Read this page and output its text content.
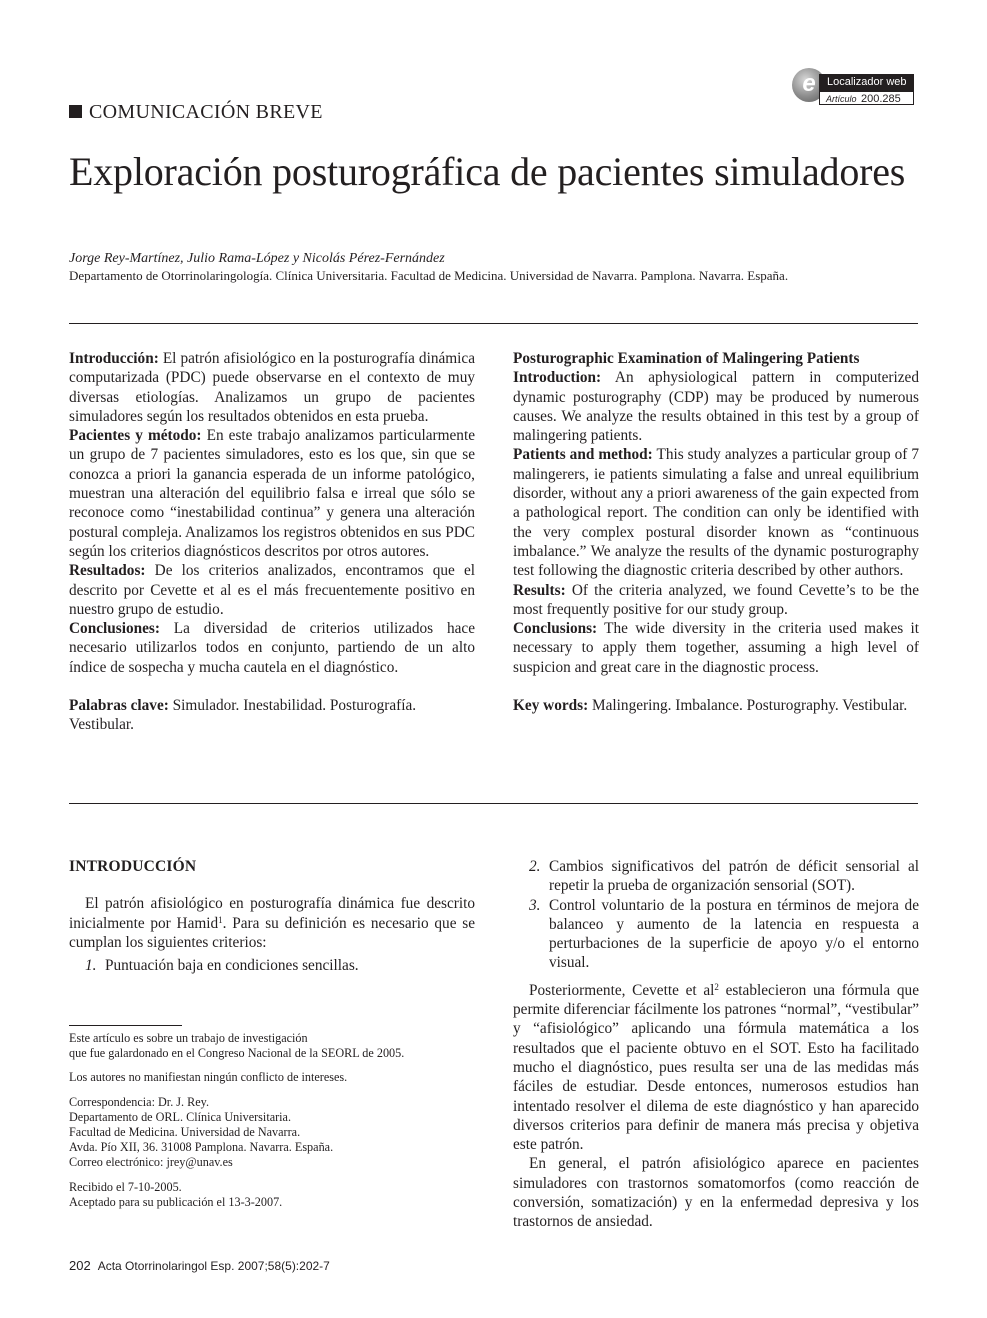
e	Localizador web
Artículo 200.285
COMUNICACIÓN BREVE
Exploración posturográfica de pacientes simuladores
Jorge Rey-Martínez, Julio Rama-López y Nicolás Pérez-Fernández
Departamento de Otorrinolaringología. Clínica Universitaria. Facultad de Medicina. Universidad de Navarra. Pamplona. Navarra. España.

Introducción: El patrón afisiológico en la posturografía dinámica computarizada (PDC) puede observarse en el contexto de muy diversas etiologías. Analizamos un grupo de pacientes simuladores según los resultados obtenidos en esta prueba.

Pacientes y método: En este trabajo analizamos particularmente un grupo de 7 pacientes simuladores, esto es los que, sin que se conozca a priori la ganancia esperada de un informe patológico, muestran una alteración del equilibrio falsa e irreal que sólo se reconoce como “inestabilidad continua” y genera una alteración postural compleja. Analizamos los registros obtenidos en sus PDC según los criterios diagnósticos descritos por otros autores.

Resultados: De los criterios analizados, encontramos que el descrito por Cevette et al es el más frecuentemente positivo en nuestro grupo de estudio.

Conclusiones: La diversidad de criterios utilizados hace necesario utilizarlos todos en conjunto, partiendo de un alto índice de sospecha y mucha cautela en el diagnóstico.

Palabras clave: Simulador. Inestabilidad. Posturografía. Vestibular.

Posturographic Examination of Malingering Patients

Introduction: An aphysiological pattern in computerized dynamic posturography (CDP) may be produced by numerous causes. We analyze the results obtained in this test by a group of malingering patients.

Patients and method: This study analyzes a particular group of 7 malingerers, ie patients simulating a false and unreal equilibrium disorder, without any a priori awareness of the gain expected from a pathological report. The condition can only be identified with the very complex postural disorder known as “continuous imbalance.” We analyze the results of the dynamic posturography test following the diagnostic criteria described by other authors.

Results: Of the criteria analyzed, we found Cevette’s to be the most frequently positive for our study group.

Conclusions: The wide diversity in the criteria used makes it necessary to apply them together, assuming a high level of suspicion and great care in the diagnostic process.

Key words: Malingering. Imbalance. Posturography. Vestibular.

INTRODUCCIÓN

El patrón afisiológico en posturografía dinámica fue descrito inicialmente por Hamid$^1$. Para su definición es necesario que se cumplan los siguientes criterios:

1. Puntuación baja en condiciones sencillas.

2. Cambios significativos del patrón de déficit sensorial al repetir la prueba de organización sensorial (SOT).

3. Control voluntario de la postura en términos de mejora de balanceo y aumento de la latencia en respuesta a perturbaciones de la superficie de apoyo y/o el entorno visual.

Posteriormente, Cevette et $al^2$ establecieron una fórmula que permite diferenciar fácilmente los patrones “normal”, “vestibular” y “afisiológico” aplicando una fórmula matemática a los resultados que el paciente obtuvo en el SOT. Esto ha facilitado mucho el diagnóstico, pues resulta ser una de las medidas más fáciles de estudiar. Desde entonces, numerosos estudios han intentado resolver el dilema de este diagnóstico y han aparecido diversos criterios para definir de manera más precisa y objetiva este patrón.

En general, el patrón afisiológico aparece en pacientes simuladores con trastornos somatomorfos (como reacción de conversión, somatización) y en la enfermedad depresiva y los trastornos de ansiedad.

Este artículo es sobre un trabajo de investigación

que fue galardonado en el Congreso Nacional de la SEORL de 2005.

Los autores no manifiestan ningún conflicto de intereses.

Correspondencia: Dr. J. Rey.

Departamento de ORL. Clínica Universitaria.

Facultad de Medicina. Universidad de Navarra.

Avda. Pío XII, 36. 31008 Pamplona. Navarra. España.

Correo electrónico: jrey@unav.es

Recibido el 7-10-2005.

Aceptado para su publicación el 13-3-2007.

202 Acta Otorrinolaringol Esp. 2007;58(5):202-7
